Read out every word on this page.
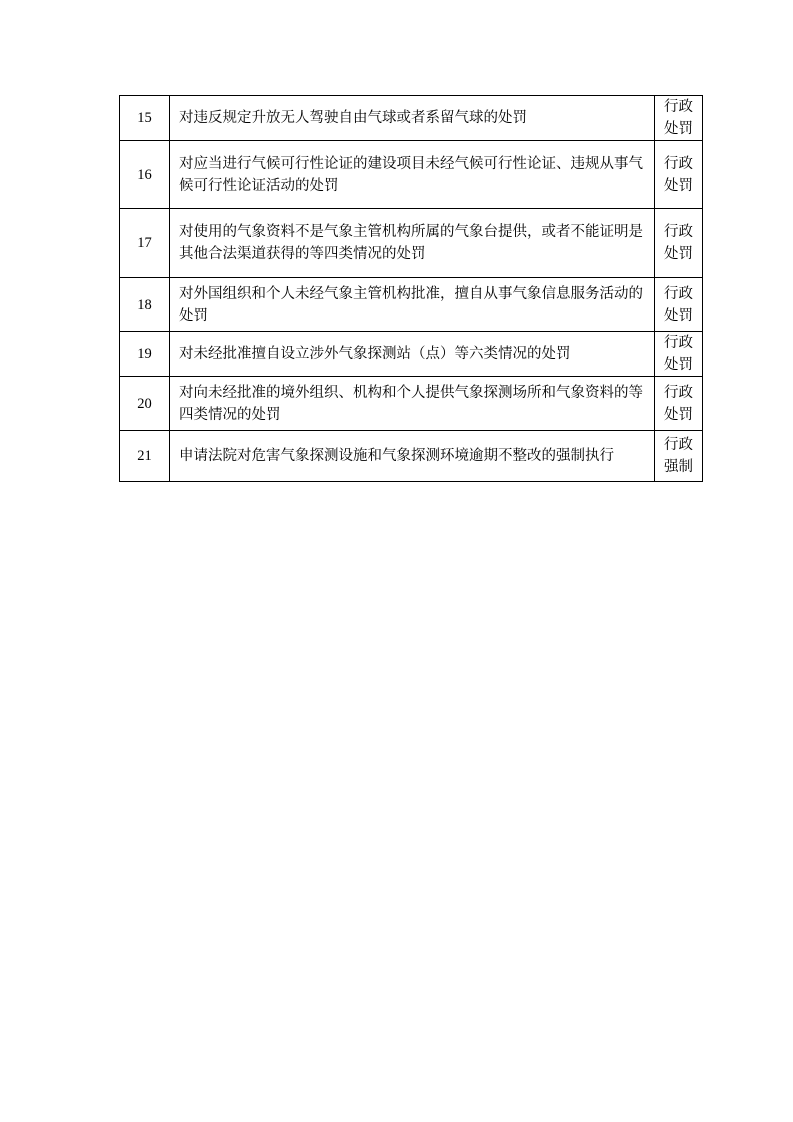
15	对违反规定升放无人驾驶自由气球或者系留气球的处罚	行政
处罚

16	对应当进行气候可行性论证的建设项目未经气候可行性论证、违规从事气候可行性论证活动的处罚	行政
处罚

17	对使用的气象资料不是气象主管机构所属的气象台提供，或者不能证明是其他合法渠道获得的等四类情况的处罚	行政
处罚

18	对外国组织和个人未经气象主管机构批准，擅自从事气象信息服务活动的处罚	行政
处罚

19	对未经批准擅自设立涉外气象探测站（点）等六类情况的处罚	行政
处罚

20	对向未经批准的境外组织、机构和个人提供气象探测场所和气象资料的等四类情况的处罚	行政
处罚

21	申请法院对危害气象探测设施和气象探测环境逾期不整改的强制执行	行政
强制
